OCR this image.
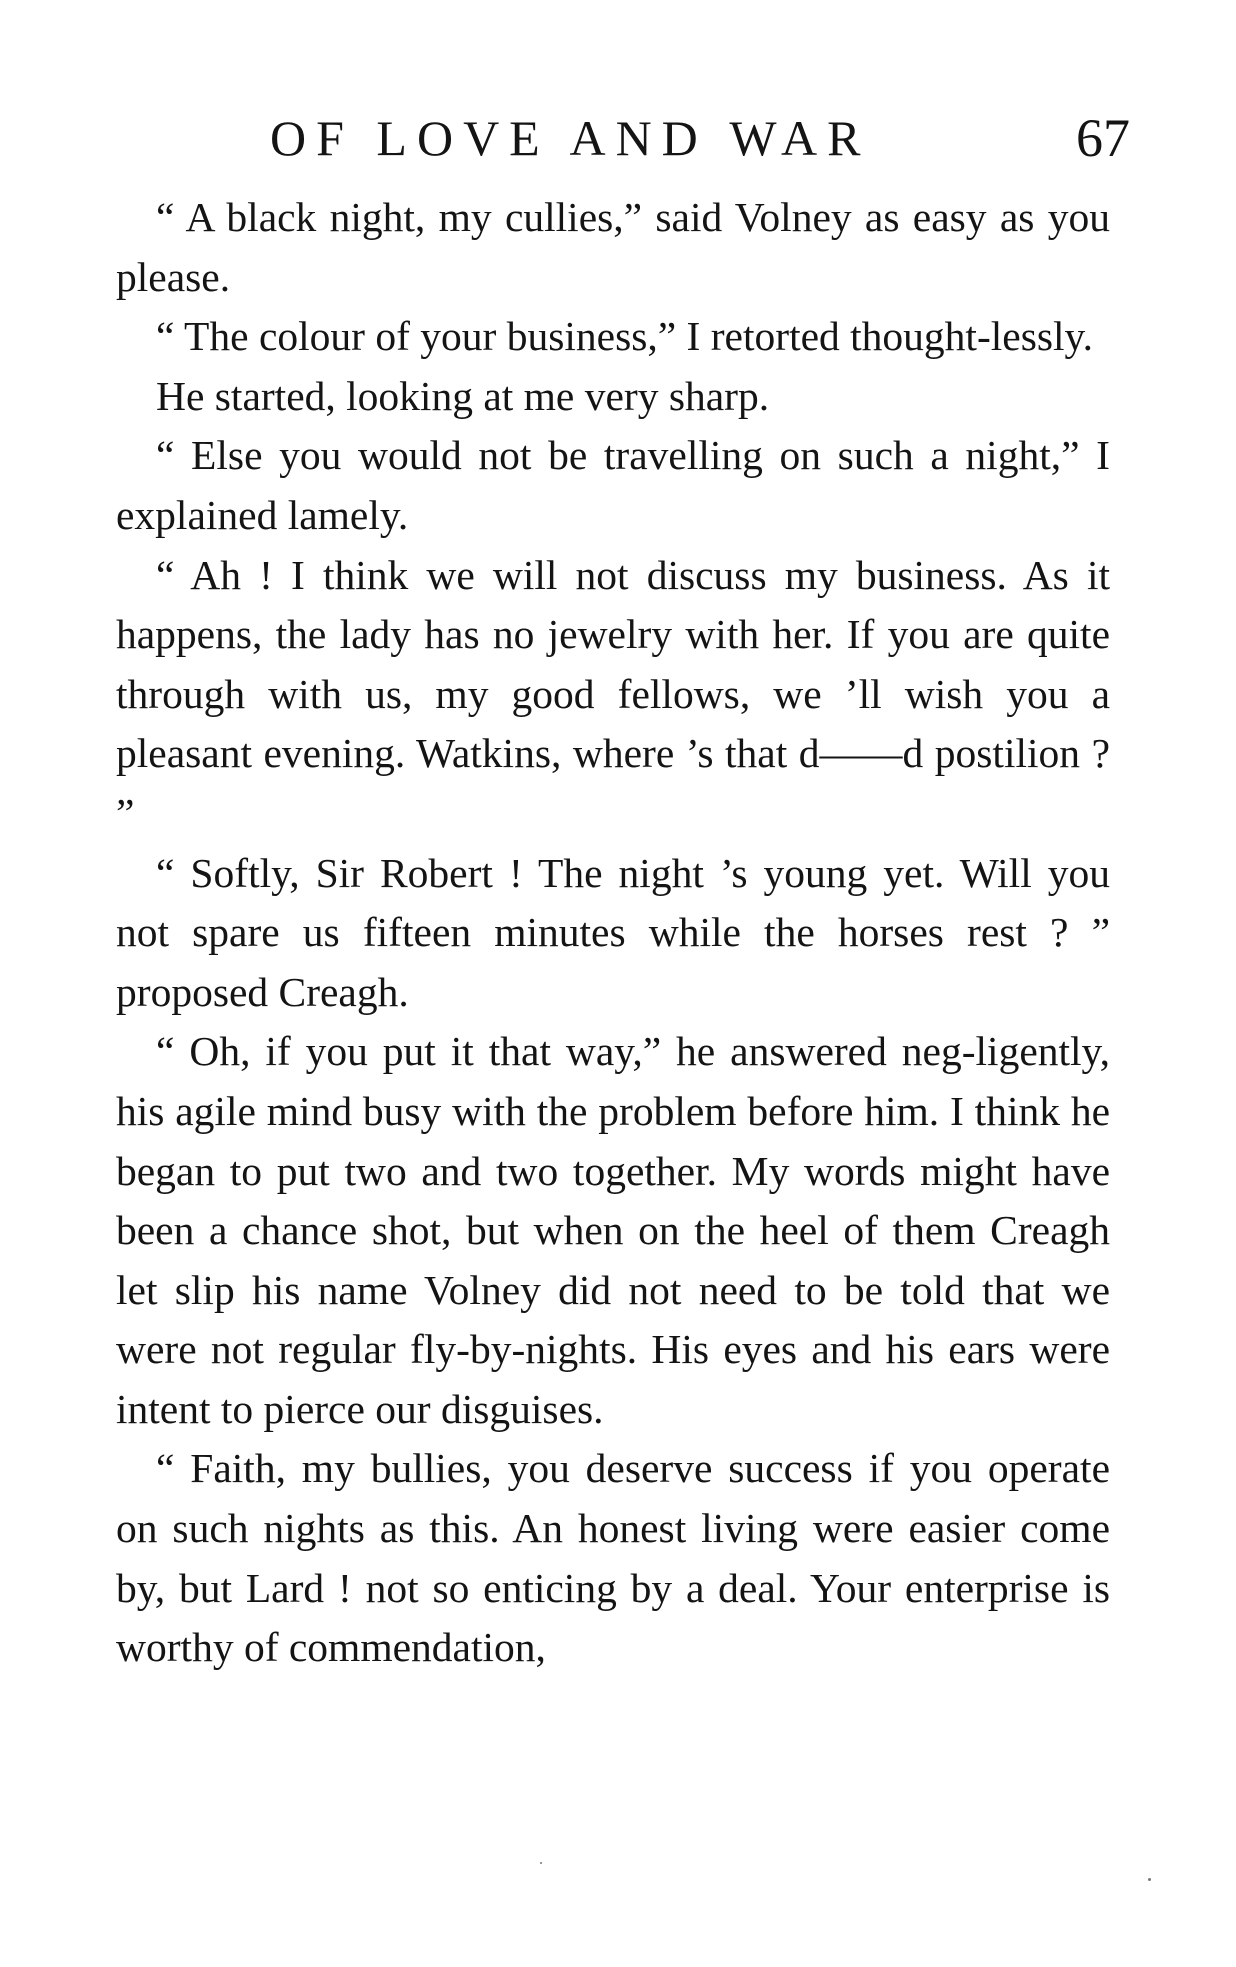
OF LOVE AND WAR	67

“ A black night, my cullies,” said Volney as easy as you please.

“ The colour of your business,” I retorted thought-lessly.

He started, looking at me very sharp.

“ Else you would not be travelling on such a night,” I explained lamely.

“ Ah ! I think we will not discuss my business. As it happens, the lady has no jewelry with her. If you are quite through with us, my good fellows, we ’ll wish you a pleasant evening. Watkins, where ’s that d——d postilion ? ”

“ Softly, Sir Robert ! The night ’s young yet. Will you not spare us fifteen minutes while the horses rest ? ” proposed Creagh.

“ Oh, if you put it that way,” he answered neg-ligently, his agile mind busy with the problem before him. I think he began to put two and two together. My words might have been a chance shot, but when on the heel of them Creagh let slip his name Volney did not need to be told that we were not regular fly-by-nights. His eyes and his ears were intent to pierce our disguises.

“ Faith, my bullies, you deserve success if you operate on such nights as this. An honest living were easier come by, but Lard ! not so enticing by a deal. Your enterprise is worthy of commendation,
